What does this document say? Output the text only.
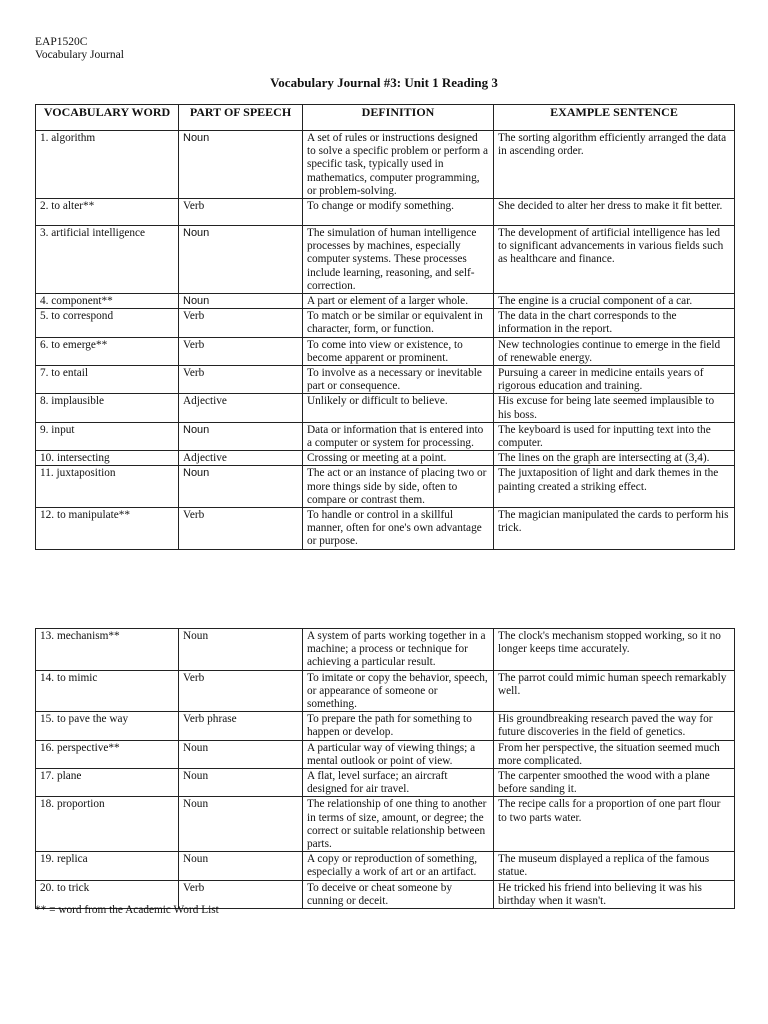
EAP1520C
Vocabulary Journal
Vocabulary Journal #3: Unit 1 Reading 3
VOCABULARY WORD	PART OF SPEECH	DEFINITION	EXAMPLE SENTENCE
1. algorithm	Noun	A set of rules or instructions designed to solve a specific problem or perform a specific task, typically used in mathematics, computer programming, or problem-solving.	The sorting algorithm efficiently arranged the data in ascending order.
2. to alter**	Verb	To change or modify something.	She decided to alter her dress to make it fit better.
3. artificial intelligence	Noun	The simulation of human intelligence processes by machines, especially computer systems. These processes include learning, reasoning, and self-correction.	The development of artificial intelligence has led to significant advancements in various fields such as healthcare and finance.
4. component**	Noun	A part or element of a larger whole.	The engine is a crucial component of a car.
5. to correspond	Verb	To match or be similar or equivalent in character, form, or function.	The data in the chart corresponds to the information in the report.
6. to emerge**	Verb	To come into view or existence, to become apparent or prominent.	New technologies continue to emerge in the field of renewable energy.
7. to entail	Verb	To involve as a necessary or inevitable part or consequence.	Pursuing a career in medicine entails years of rigorous education and training.
8. implausible	Adjective	Unlikely or difficult to believe.	His excuse for being late seemed implausible to his boss.
9. input	Noun	Data or information that is entered into a computer or system for processing.	The keyboard is used for inputting text into the computer.
10. intersecting	Adjective	Crossing or meeting at a point.	The lines on the graph are intersecting at (3,4).
11. juxtaposition	Noun	The act or an instance of placing two or more things side by side, often to compare or contrast them.	The juxtaposition of light and dark themes in the painting created a striking effect.
12. to manipulate**	Verb	To handle or control in a skillful manner, often for one's own advantage or purpose.	The magician manipulated the cards to perform his trick.
13. mechanism**	Noun	A system of parts working together in a machine; a process or technique for achieving a particular result.	The clock's mechanism stopped working, so it no longer keeps time accurately.
14. to mimic	Verb	To imitate or copy the behavior, speech, or appearance of someone or something.	The parrot could mimic human speech remarkably well.
15. to pave the way	Verb phrase	To prepare the path for something to happen or develop.	His groundbreaking research paved the way for future discoveries in the field of genetics.
16. perspective**	Noun	A particular way of viewing things; a mental outlook or point of view.	From her perspective, the situation seemed much more complicated.
17. plane	Noun	A flat, level surface; an aircraft designed for air travel.	The carpenter smoothed the wood with a plane before sanding it.
18. proportion	Noun	The relationship of one thing to another in terms of size, amount, or degree; the correct or suitable relationship between parts.	The recipe calls for a proportion of one part flour to two parts water.
19. replica	Noun	A copy or reproduction of something, especially a work of art or an artifact.	The museum displayed a replica of the famous statue.
20. to trick	Verb	To deceive or cheat someone by cunning or deceit.	He tricked his friend into believing it was his birthday when it wasn't.
** = word from the Academic Word List
